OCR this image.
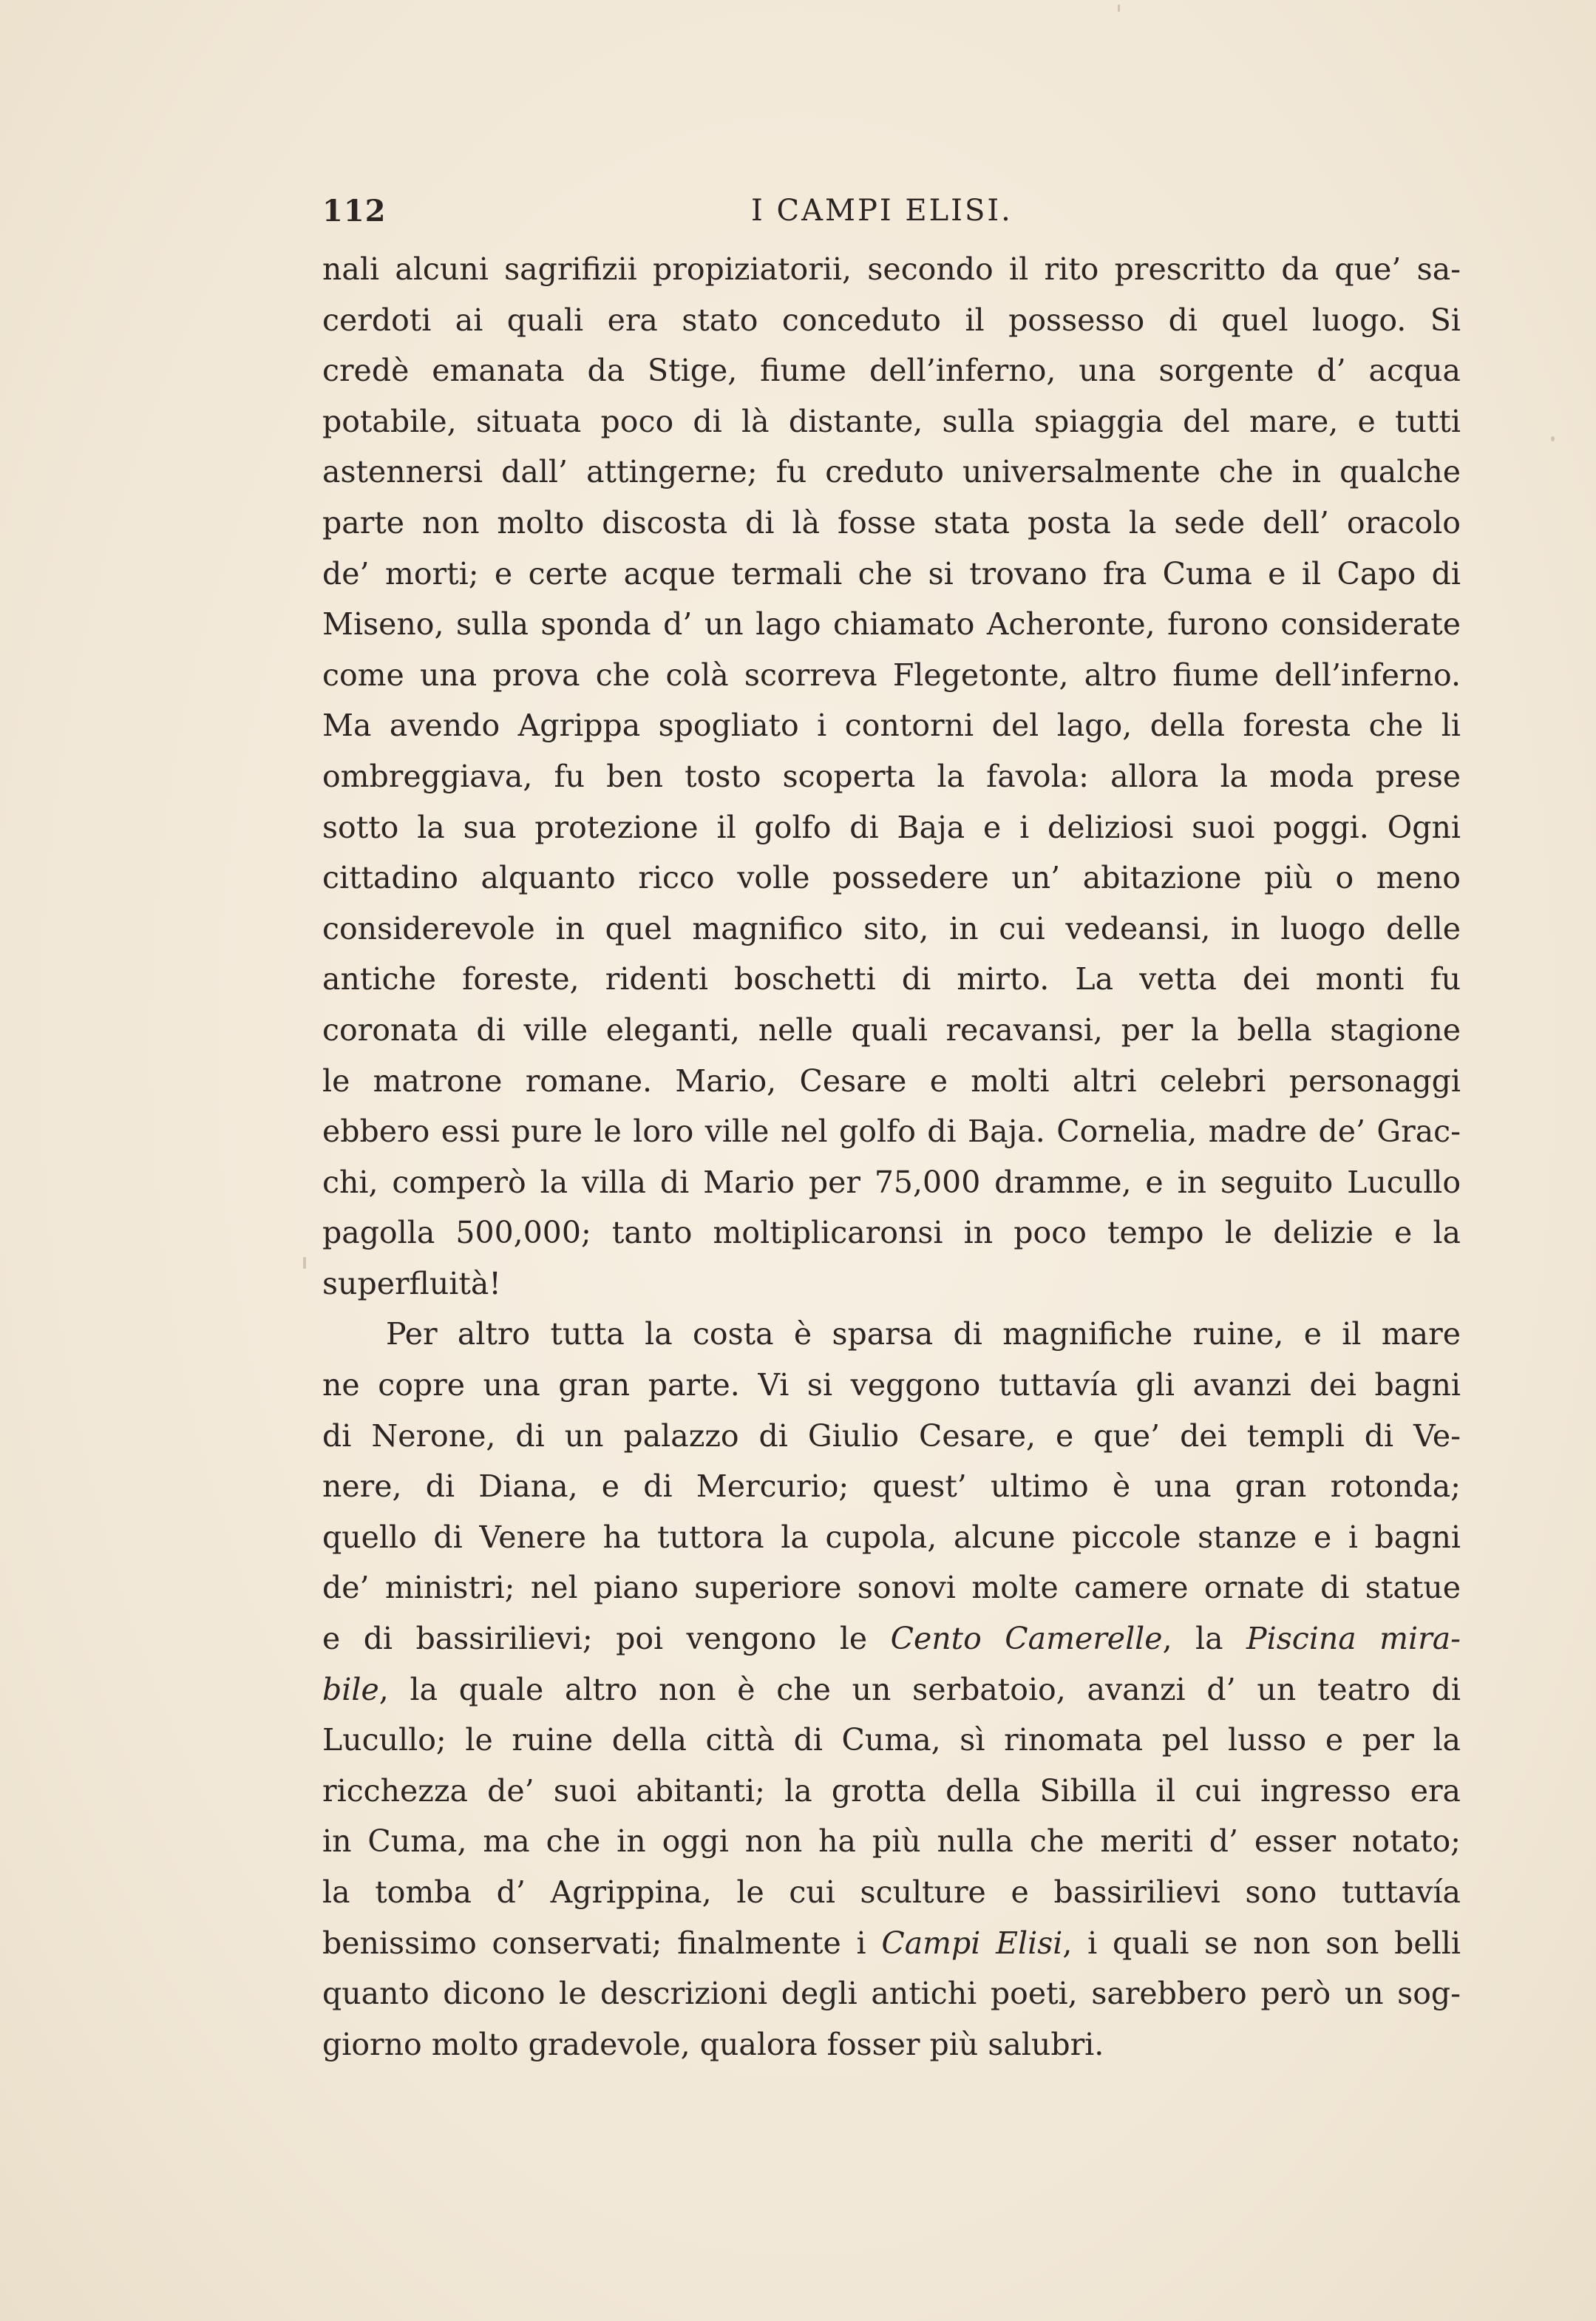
112	I CAMPI ELISI.
nali alcuni sagrifizii propiziatorii, secondo il rito prescritto da que’ sa-
cerdoti ai quali era stato conceduto il possesso di quel luogo. Si
credè emanata da Stige, fiume dell’inferno, una sorgente d’ acqua
potabile, situata poco di là distante, sulla spiaggia del mare, e tutti
astennersi dall’ attingerne; fu creduto universalmente che in qualche
parte non molto discosta di là fosse stata posta la sede dell’ oracolo
de’ morti; e certe acque termali che si trovano fra Cuma e il Capo di
Miseno, sulla sponda d’ un lago chiamato Acheronte, furono considerate
come una prova che colà scorreva Flegetonte, altro fiume dell’inferno.
Ma avendo Agrippa spogliato i contorni del lago, della foresta che li
ombreggiava, fu ben tosto scoperta la favola: allora la moda prese
sotto la sua protezione il golfo di Baja e i deliziosi suoi poggi. Ogni
cittadino alquanto ricco volle possedere un’ abitazione più o meno
considerevole in quel magnifico sito, in cui vedeansi, in luogo delle
antiche foreste, ridenti boschetti di mirto. La vetta dei monti fu
coronata di ville eleganti, nelle quali recavansi, per la bella stagione
le matrone romane. Mario, Cesare e molti altri celebri personaggi
ebbero essi pure le loro ville nel golfo di Baja. Cornelia, madre de’ Grac-
chi, comperò la villa di Mario per 75,000 dramme, e in seguito Lucullo
pagolla 500,000; tanto moltiplicaronsi in poco tempo le delizie e la
superfluità!
Per altro tutta la costa è sparsa di magnifiche ruine, e il mare
ne copre una gran parte. Vi si veggono tuttavía gli avanzi dei bagni
di Nerone, di un palazzo di Giulio Cesare, e que’ dei templi di Ve-
nere, di Diana, e di Mercurio; quest’ ultimo è una gran rotonda;
quello di Venere ha tuttora la cupola, alcune piccole stanze e i bagni
de’ ministri; nel piano superiore sonovi molte camere ornate di statue
e di bassirilievi; poi vengono le Cento Camerelle, la Piscina mira-
bile, la quale altro non è che un serbatoio, avanzi d’ un teatro di
Lucullo; le ruine della città di Cuma, sì rinomata pel lusso e per la
ricchezza de’ suoi abitanti; la grotta della Sibilla il cui ingresso era
in Cuma, ma che in oggi non ha più nulla che meriti d’ esser notato;
la tomba d’ Agrippina, le cui sculture e bassirilievi sono tuttavía
benissimo conservati; finalmente i Campi Elisi, i quali se non son belli
quanto dicono le descrizioni degli antichi poeti, sarebbero però un sog-
giorno molto gradevole, qualora fosser più salubri.
